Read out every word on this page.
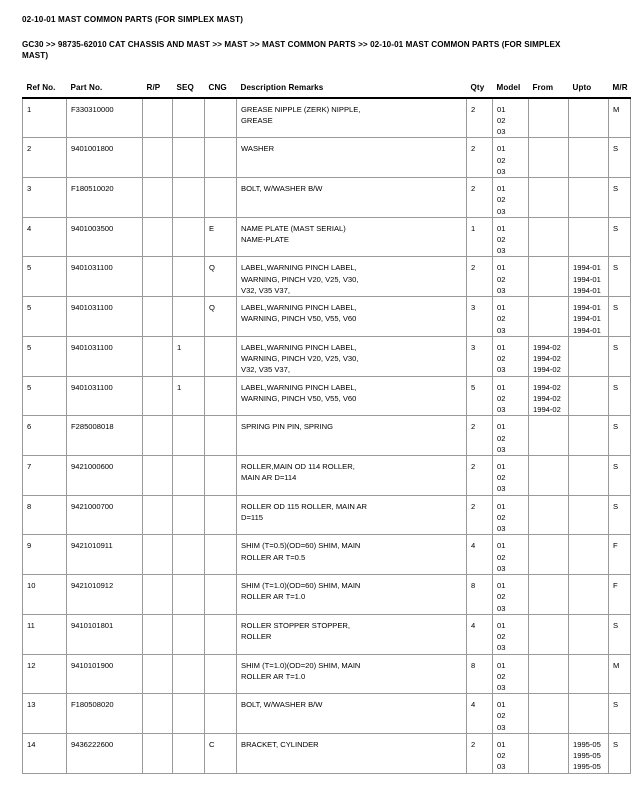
02-10-01 MAST COMMON PARTS (FOR SIMPLEX MAST)
GC30 >> 98735-62010 CAT CHASSIS AND MAST >> MAST >> MAST COMMON PARTS >> 02-10-01 MAST COMMON PARTS (FOR SIMPLEX MAST)
Ref No.	Part No.	R/P	SEQ	CNG	Description Remarks	Qty	Model	From	Upto	M/R
1	F330310000				GREASE NIPPLE (ZERK) NIPPLE,
GREASE	2	01
02
03			M
2	9401001800				WASHER	2	01
02
03			S
3	F180510020				BOLT, W/WASHER B/W	2	01
02
03			S
4	9401003500			E	NAME PLATE (MAST SERIAL)
NAME-PLATE	1	01
02
03			S
5	9401031100			Q	LABEL,WARNING PINCH LABEL,
WARNING, PINCH V20, V25, V30,
V32, V35 V37,	2	01
02
03		1994-01
1994-01
1994-01	S
5	9401031100			Q	LABEL,WARNING PINCH LABEL,
WARNING, PINCH V50, V55, V60	3	01
02
03		1994-01
1994-01
1994-01	S
5	9401031100		1		LABEL,WARNING PINCH LABEL,
WARNING, PINCH V20, V25, V30,
V32, V35 V37,	3	01
02
03	1994-02
1994-02
1994-02		S
5	9401031100		1		LABEL,WARNING PINCH LABEL,
WARNING, PINCH V50, V55, V60	5	01
02
03	1994-02
1994-02
1994-02		S
6	F285008018				SPRING PIN PIN, SPRING	2	01
02
03			S
7	9421000600				ROLLER,MAIN OD 114 ROLLER,
MAIN AR D=114	2	01
02
03			S
8	9421000700				ROLLER OD 115 ROLLER, MAIN AR
D=115	2	01
02
03			S
9	9421010911				SHIM (T=0.5)(OD=60) SHIM, MAIN
ROLLER AR T=0.5	4	01
02
03			F
10	9421010912				SHIM (T=1.0)(OD=60) SHIM, MAIN
ROLLER AR T=1.0	8	01
02
03			F
11	9410101801				ROLLER STOPPER STOPPER,
ROLLER	4	01
02
03			S
12	9410101900				SHIM (T=1.0)(OD=20) SHIM, MAIN
ROLLER AR T=1.0	8	01
02
03			M
13	F180508020				BOLT, W/WASHER B/W	4	01
02
03			S
14	9436222600			C	BRACKET, CYLINDER	2	01
02
03		1995-05
1995-05
1995-05	S
